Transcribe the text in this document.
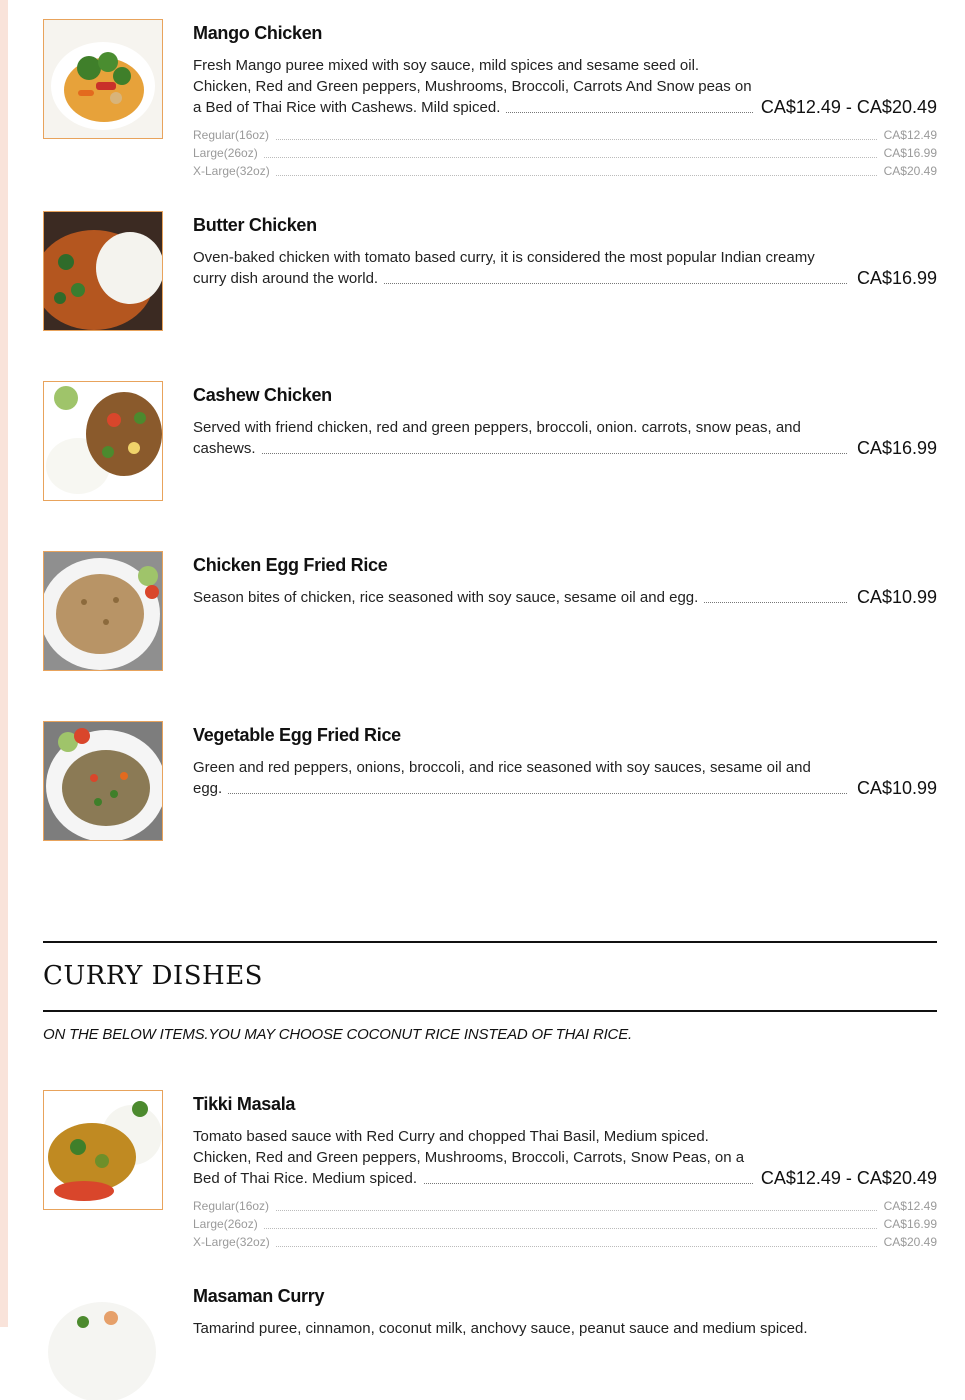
Mango Chicken
Fresh Mango puree mixed with soy sauce, mild spices and sesame seed oil. Chicken, Red and Green peppers, Mushrooms, Broccoli, Carrots And Snow peas on a Bed of Thai Rice with Cashews. Mild spiced.	CA$12.49 - CA$20.49
Regular(16oz)	CA$12.49
Large(26oz)	CA$16.99
X-Large(32oz)	CA$20.49
Butter Chicken
Oven-baked chicken with tomato based curry, it is considered the most popular Indian creamy curry dish around the world.	CA$16.99
Cashew Chicken
Served with friend chicken, red and green peppers, broccoli, onion. carrots, snow peas, and cashews.	CA$16.99
Chicken Egg Fried Rice
Season bites of chicken, rice seasoned with soy sauce, sesame oil and egg.	CA$10.99
Vegetable Egg Fried Rice
Green and red peppers, onions, broccoli, and rice seasoned with soy sauces, sesame oil and egg.	CA$10.99
CURRY DISHES
ON THE BELOW ITEMS.YOU MAY CHOOSE COCONUT RICE INSTEAD OF THAI RICE.
Tikki Masala
Tomato based sauce with Red Curry and chopped Thai Basil, Medium spiced. Chicken, Red and Green peppers, Mushrooms, Broccoli, Carrots, Snow Peas, on a Bed of Thai Rice. Medium spiced.	CA$12.49 - CA$20.49
Regular(16oz)	CA$12.49
Large(26oz)	CA$16.99
X-Large(32oz)	CA$20.49
Masaman Curry
Tamarind puree, cinnamon, coconut milk, anchovy sauce, peanut sauce and medium spiced.
